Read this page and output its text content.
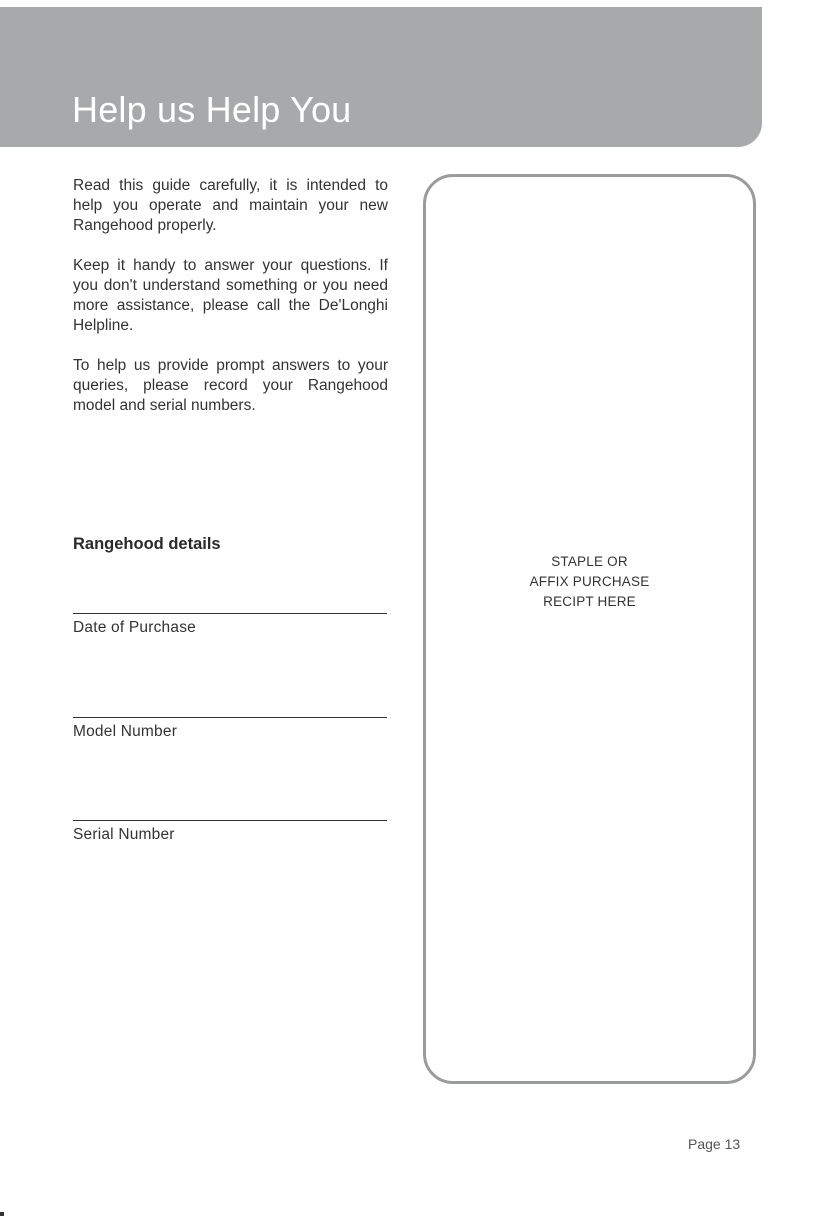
Help us Help You

Read this guide carefully, it is intended to help you operate and maintain your new Rangehood properly.

Keep it handy to answer your questions. If you don't understand something or you need more assistance, please call the De'Longhi Helpline.

To help us provide prompt answers to your queries, please record your Rangehood model and serial numbers.

Rangehood details
Date of Purchase
Model Number
Serial Number
STAPLE OR
AFFIX PURCHASE
RECIPT HERE
Page 13
